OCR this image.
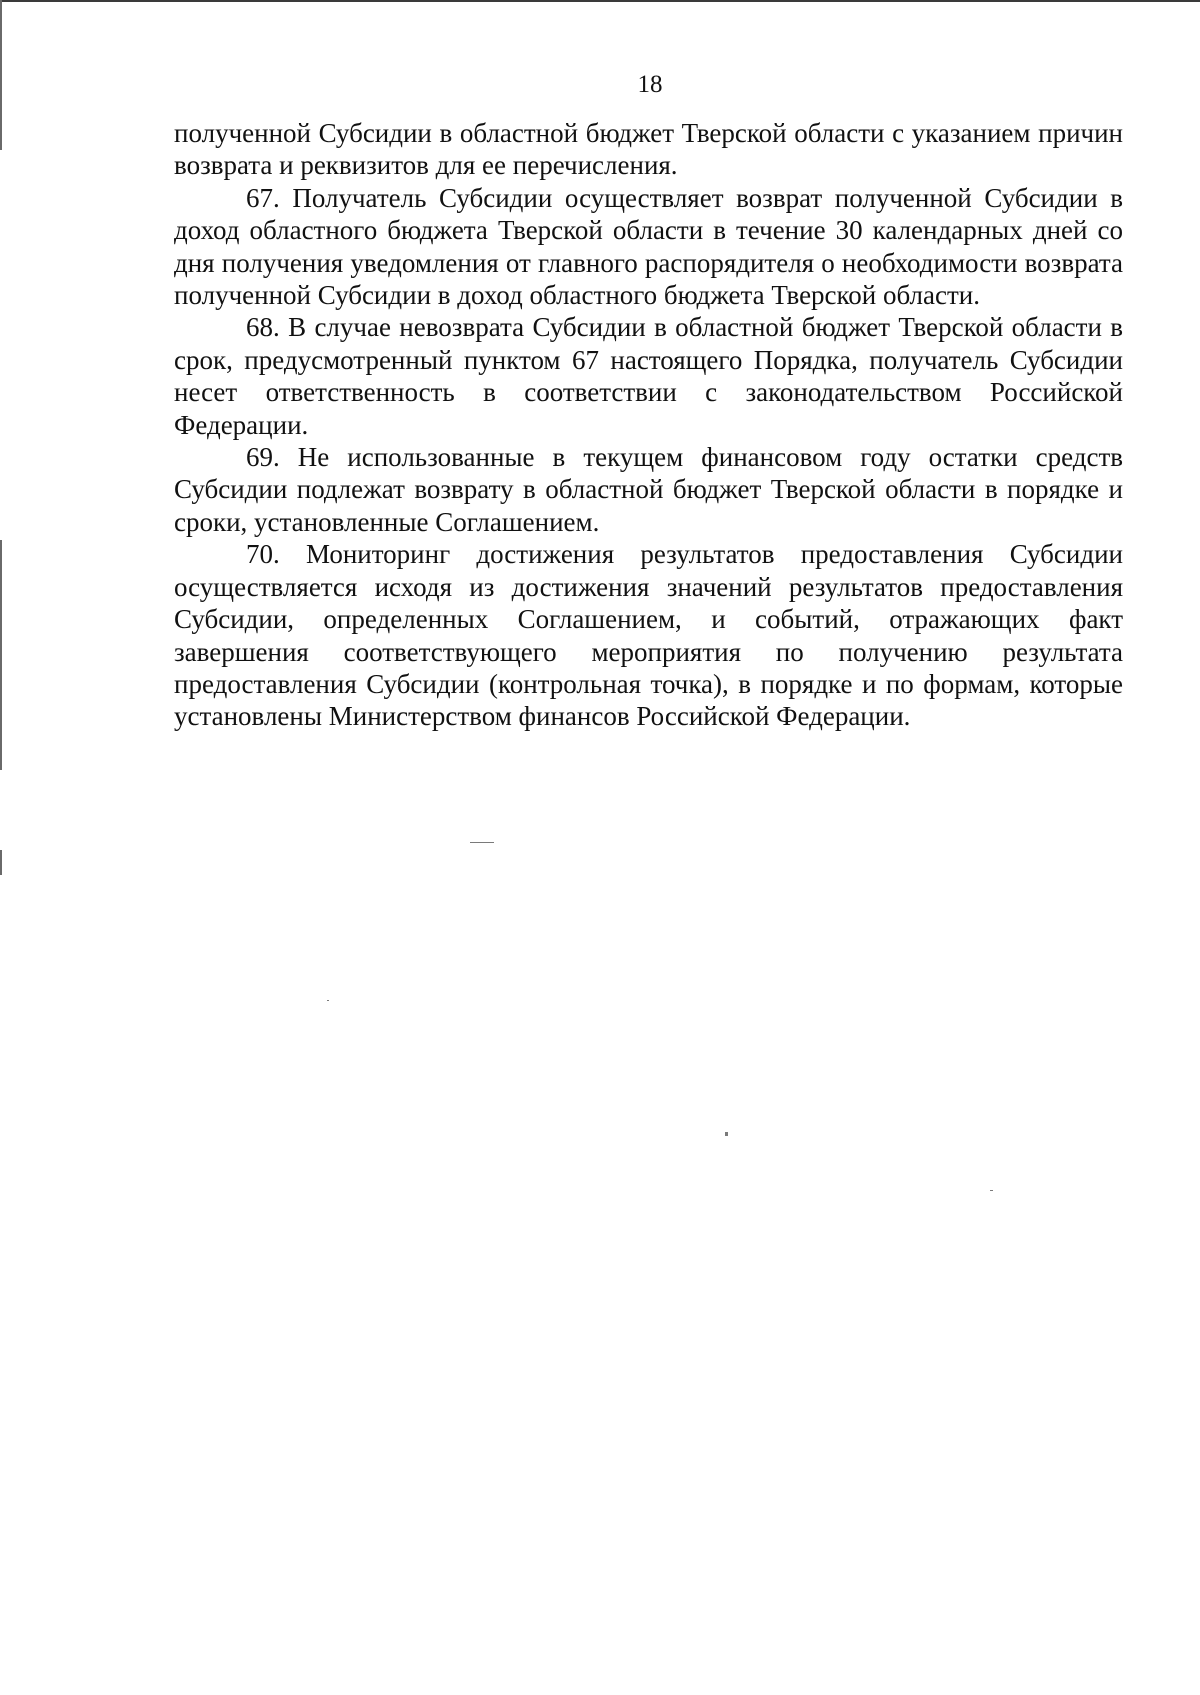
18

полученной Субсидии в областной бюджет Тверской области с указанием причин возврата и реквизитов для ее перечисления.

67. Получатель Субсидии осуществляет возврат полученной Субсидии в доход областного бюджета Тверской области в течение 30 календарных дней со дня получения уведомления от главного распорядителя о необходимости возврата полученной Субсидии в доход областного бюджета Тверской области.

68. В случае невозврата Субсидии в областной бюджет Тверской области в срок, предусмотренный пунктом 67 настоящего Порядка, получатель Субсидии несет ответственность в соответствии с законодательством Российской Федерации.

69. Не использованные в текущем финансовом году остатки средств Субсидии подлежат возврату в областной бюджет Тверской области в порядке и сроки, установленные Соглашением.

70. Мониторинг достижения результатов предоставления Субсидии осуществляется исходя из достижения значений результатов предоставления Субсидии, определенных Соглашением, и событий, отражающих факт завершения соответствующего мероприятия по получению результата предоставления Субсидии (контрольная точка), в порядке и по формам, которые установлены Министерством финансов Российской Федерации.
